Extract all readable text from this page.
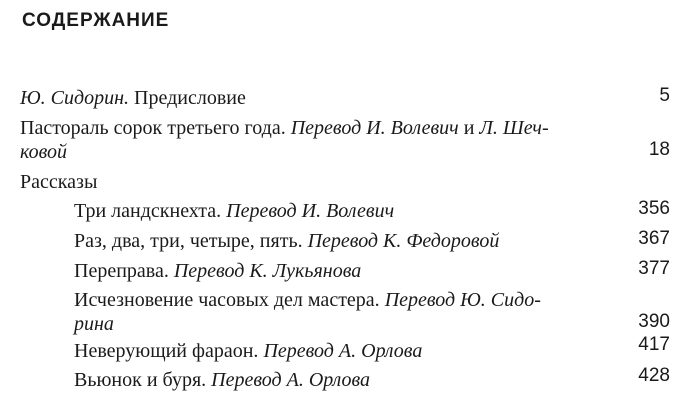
СОДЕРЖАНИЕ
Ю. Сидорин. Предисловие	5
Пасторaль сорок третьего года. Перевод И. Волевич и Л. Шеч-
ковой	18
Рассказы
Три ландскнехта. Перевод И. Волевич	356
Раз, два, три, четыре, пять. Перевод К. Федоровой	367
Переправа. Перевод К. Лукьянова	377
Исчезновение часовых дел мастера. Перевод Ю. Сидо-
рина	390
Неверующий фараон. Перевод А. Орлова	417
Вьюнок и буря. Перевод А. Орлова	428
